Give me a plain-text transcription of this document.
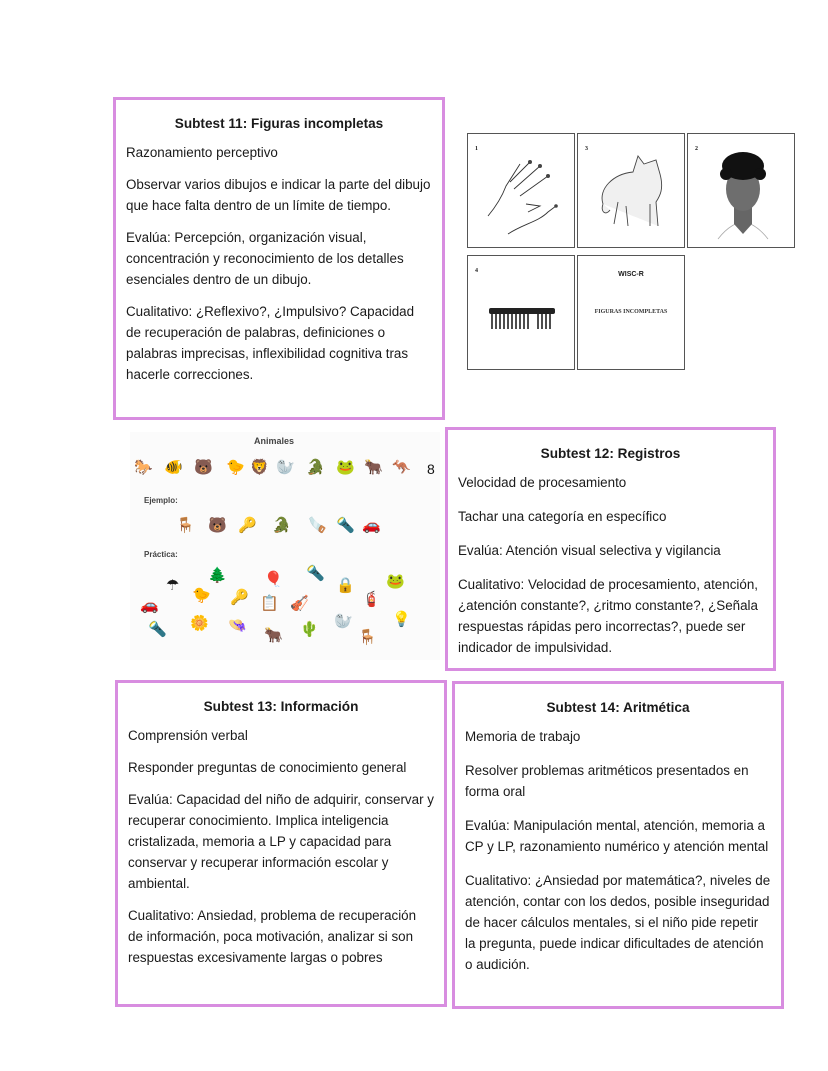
Subtest 11: Figuras incompletas

Razonamiento perceptivo

Observar varios dibujos e indicar la parte del dibujo que hace falta dentro de un límite de tiempo.

Evalúa: Percepción, organización visual, concentración y reconocimiento de los detalles esenciales dentro de un dibujo.

Cualitativo: ¿Reflexivo?, ¿Impulsivo? Capacidad de recuperación de palabras, definiciones o palabras imprecisas, inflexibilidad cognitiva tras hacerle correcciones.

1	3	2
4	WISC-R
FIGURAS INCOMPLETAS
Animales
🐎 🐠 🐻 🐤 🦁 🦭 🐊 🐸 🐂 🦘
Ejemplo:
🪑 🐻 🔑 🐊 🪚 🔦 🚗
Práctica:
☂
🌲 🎈 🔦
🔒 🐸
🚗
🐤 🔑 📋 🎻	🧯
🔦 🌼 👒
🐂 🌵 🦭
🪑
💡
8
Subtest 12: Registros

Velocidad de procesamiento

Tachar una categoría en específico

Evalúa: Atención visual selectiva y vigilancia

Cualitativo: Velocidad de procesamiento, atención, ¿atención constante?, ¿ritmo constante?, ¿Señala respuestas rápidas pero incorrectas?, puede ser indicador de impulsividad.

Subtest 13: Información

Comprensión verbal

Responder preguntas de conocimiento general

Evalúa: Capacidad del niño de adquirir, conservar y recuperar conocimiento. Implica inteligencia cristalizada, memoria a LP y capacidad para conservar y recuperar información escolar y ambiental.

Cualitativo: Ansiedad, problema de recuperación de información, poca motivación, analizar si son respuestas excesivamente largas o pobres

Subtest 14: Aritmética

Memoria de trabajo

Resolver problemas aritméticos presentados en forma oral

Evalúa: Manipulación mental, atención, memoria a CP y LP, razonamiento numérico y atención mental

Cualitativo: ¿Ansiedad por matemática?, niveles de atención, contar con los dedos, posible inseguridad de hacer cálculos mentales, si el niño pide repetir la pregunta, puede indicar dificultades de atención o audición.
